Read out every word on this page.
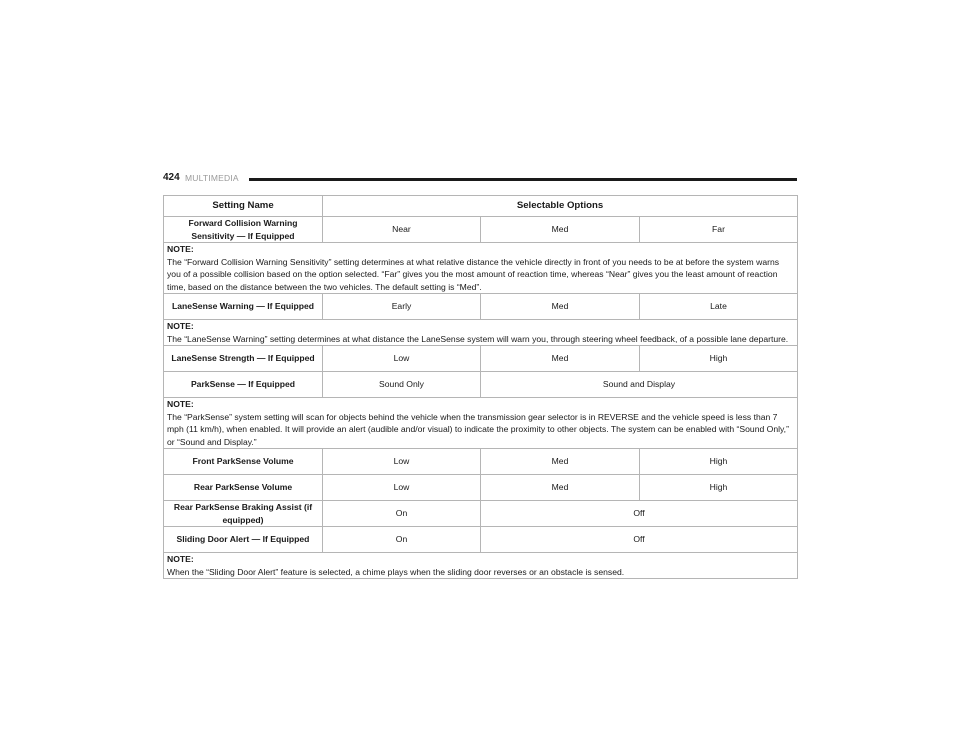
424 MULTIMEDIA
Setting Name	Selectable Options		
Forward Collision Warning Sensitivity — If Equipped	Near	Med	Far

NOTE:
The “Forward Collision Warning Sensitivity” setting determines at what relative distance the vehicle directly in front of you needs to be at before the system warns you of a possible collision based on the option selected. “Far” gives you the most amount of reaction time, whereas “Near” gives you the least amount of reaction time, based on the distance between the two vehicles. The default setting is “Med”.			

LaneSense Warning — If Equipped	Early	Med	Late

NOTE:
The “LaneSense Warning” setting determines at what distance the LaneSense system will warn you, through steering wheel feedback, of a possible lane departure.			

LaneSense Strength — If Equipped	Low	Med	High
ParkSense — If Equipped	Sound Only	Sound and Display	

NOTE:
The “ParkSense” system setting will scan for objects behind the vehicle when the transmission gear selector is in REVERSE and the vehicle speed is less than 7 mph (11 km/h), when enabled. It will provide an alert (audible and/or visual) to indicate the proximity to other objects. The system can be enabled with “Sound Only,” or “Sound and Display.”			

Front ParkSense Volume	Low	Med	High
Rear ParkSense Volume	Low	Med	High
Rear ParkSense Braking Assist (if equipped)	On	Off	
Sliding Door Alert — If Equipped	On	Off	

NOTE:
When the “Sliding Door Alert” feature is selected, a chime plays when the sliding door reverses or an obstacle is sensed.			
